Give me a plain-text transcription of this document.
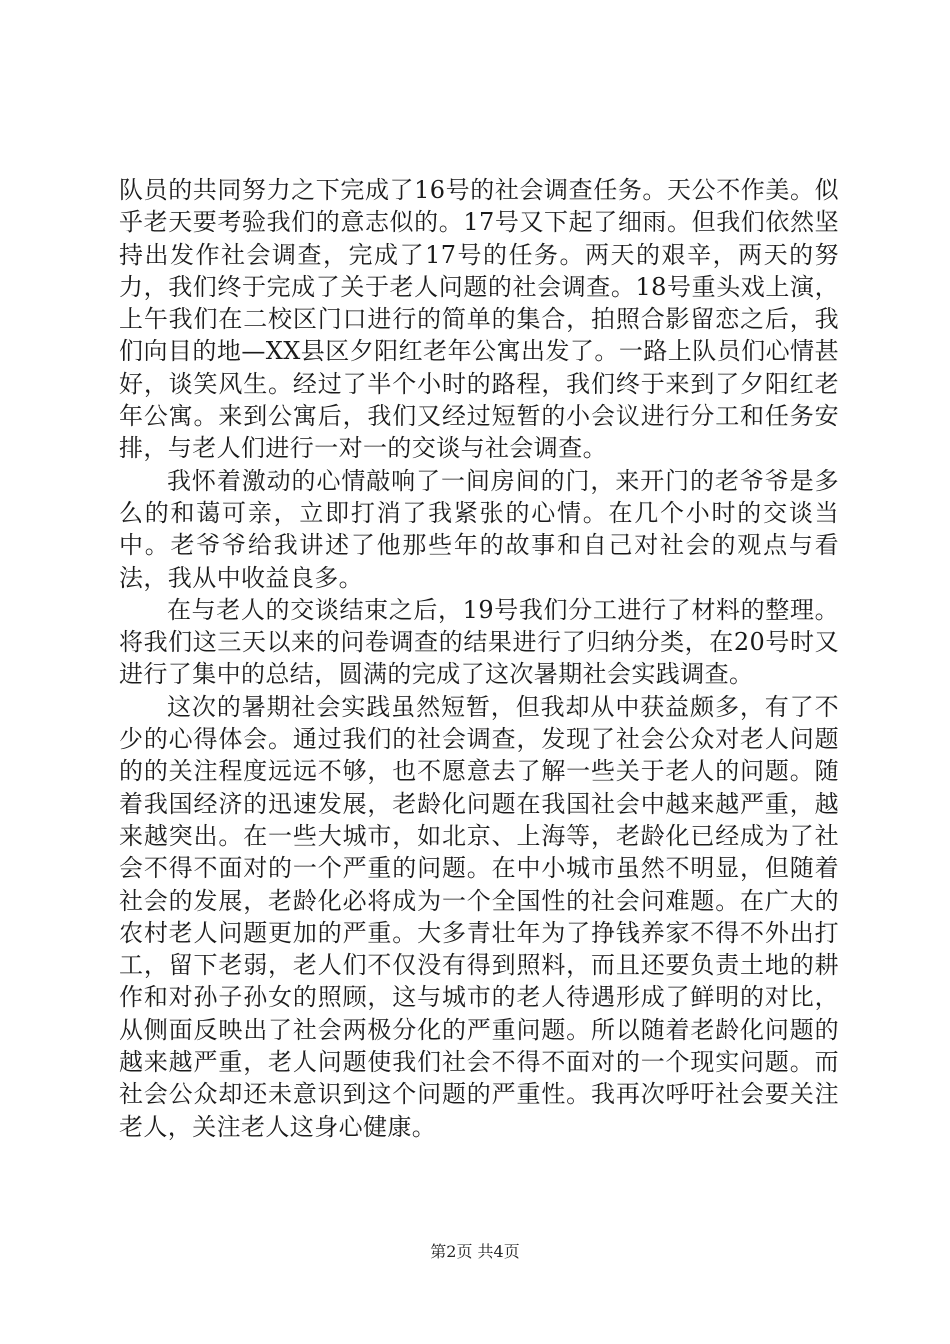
队员的共同努力之下完成了16号的社会调查任务。天公不作美。似乎老天要考验我们的意志似的。17号又下起了细雨。但我们依然坚持出发作社会调查，完成了17号的任务。两天的艰辛，两天的努力，我们终于完成了关于老人问题的社会调查。18号重头戏上演，上午我们在二校区门口进行的简单的集合，拍照合影留恋之后，我们向目的地—XX县区夕阳红老年公寓出发了。一路上队员们心情甚好，谈笑风生。经过了半个小时的路程，我们终于来到了夕阳红老年公寓。来到公寓后，我们又经过短暂的小会议进行分工和任务安排，与老人们进行一对一的交谈与社会调查。

我怀着激动的心情敲响了一间房间的门，来开门的老爷爷是多么的和蔼可亲，立即打消了我紧张的心情。在几个小时的交谈当中。老爷爷给我讲述了他那些年的故事和自己对社会的观点与看法，我从中收益良多。

在与老人的交谈结束之后，19号我们分工进行了材料的整理。将我们这三天以来的问卷调查的结果进行了归纳分类，在20号时又进行了集中的总结，圆满的完成了这次暑期社会实践调查。

这次的暑期社会实践虽然短暂，但我却从中获益颇多，有了不少的心得体会。通过我们的社会调查，发现了社会公众对老人问题的的关注程度远远不够，也不愿意去了解一些关于老人的问题。随着我国经济的迅速发展，老龄化问题在我国社会中越来越严重，越来越突出。在一些大城市，如北京、上海等，老龄化已经成为了社会不得不面对的一个严重的问题。在中小城市虽然不明显，但随着社会的发展，老龄化必将成为一个全国性的社会问难题。在广大的农村老人问题更加的严重。大多青壮年为了挣钱养家不得不外出打工，留下老弱，老人们不仅没有得到照料，而且还要负责土地的耕作和对孙子孙女的照顾，这与城市的老人待遇形成了鲜明的对比，从侧面反映出了社会两极分化的严重问题。所以随着老龄化问题的越来越严重，老人问题使我们社会不得不面对的一个现实问题。而社会公众却还未意识到这个问题的严重性。我再次呼吁社会要关注老人，关注老人这身心健康。

第2页 共4页
